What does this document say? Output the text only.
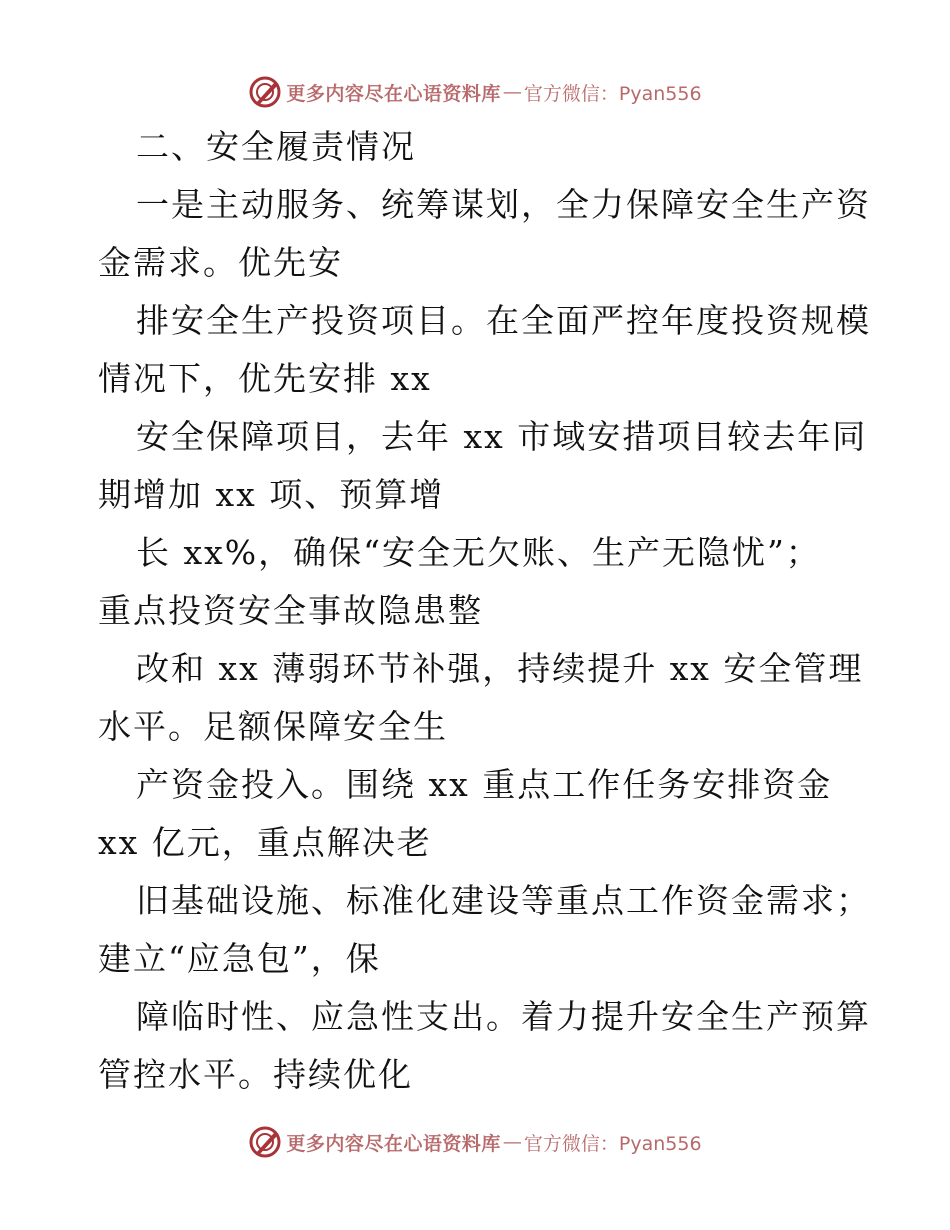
更多内容尽在心语资料库 — 官方微信：Pyan556
二、安全履责情况
一是主动服务、统筹谋划，全力保障安全生产资
金需求。优先安
排安全生产投资项目。在全面严控年度投资规模
情况下，优先安排 xx
安全保障项目，去年 xx 市域安措项目较去年同
期增加 xx 项、预算增
长 xx%，确保“安全无欠账、生产无隐忧”；
重点投资安全事故隐患整
改和 xx 薄弱环节补强，持续提升 xx 安全管理
水平。足额保障安全生
产资金投入。围绕 xx 重点工作任务安排资金
xx 亿元，重点解决老
旧基础设施、标准化建设等重点工作资金需求；
建立“应急包”，保
障临时性、应急性支出。着力提升安全生产预算
管控水平。持续优化
更多内容尽在心语资料库 — 官方微信：Pyan556
